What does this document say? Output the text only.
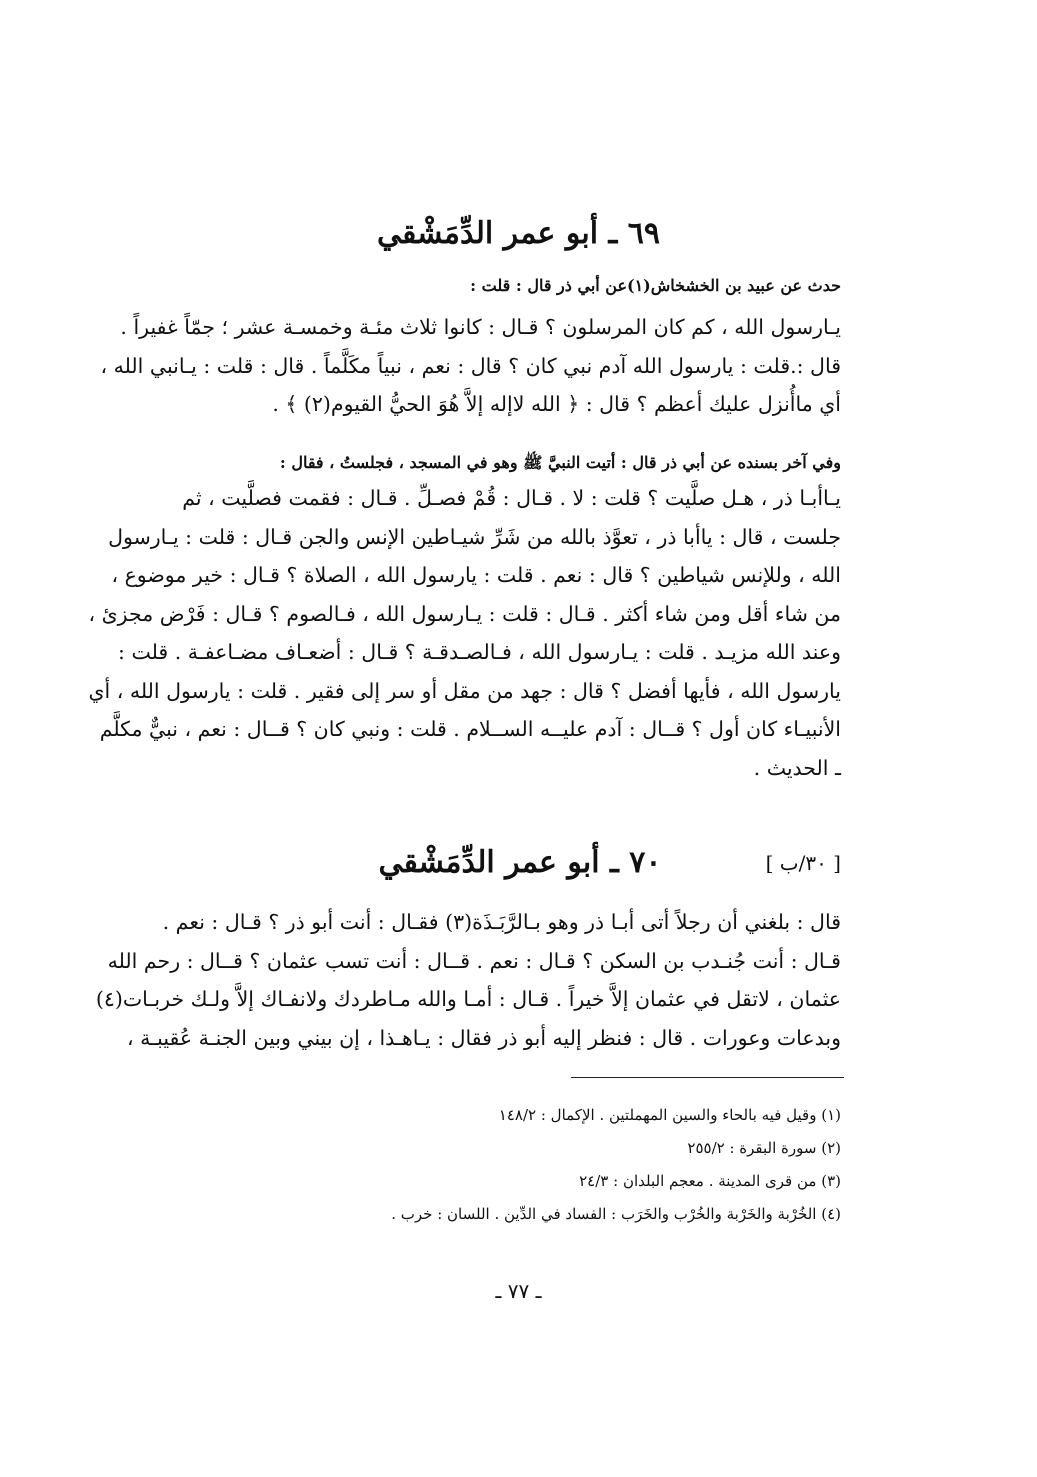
٦٩ ـ أبو عمر الدِّمَشْقي
حدث عن عبيد بن الخشخاش(١)عن أبي ذر قال : قلت :
يـارسول الله ، كم كان المرسلون ؟ قـال : كانوا ثلاث مئـة وخمسـة عشر ؛ جمّاً غفيراً .
قال :.قلت : يارسول الله آدم نبي كان ؟ قال : نعم ، نبياً مكَلَّماً . قال : قلت : يـانبي الله ،
أي ماأُنزل عليك أعظم ؟ قال : ﴿ الله لاإله إلاَّ هُوَ الحيُّ القيوم(٢) ﴾ .
وفي آخر بسنده عن أبي ذر قال : أتيت النبيَّ ﷺ وهو في المسجد ، فجلستُ ، فقال :
يـاأبـا ذر ، هـل صلَّيت ؟ قلت : لا . قـال : قُمْ فصـلِّ . قـال : فقمت فصلَّيت ، ثم
جلست ، قال : ياأبا ذر ، تعوَّذ بالله من شَرِّ شيـاطين الإنس والجن قـال : قلت : يـارسول
الله ، وللإنس شياطين ؟ قال : نعم . قلت : يارسول الله ، الصلاة ؟ قـال : خير موضوع ،
من شاء أقل ومن شاء أكثر . قـال : قلت : يـارسول الله ، فـالصوم ؟ قـال : فَرْض مجزئ ،
وعند الله مزيـد . قلت : يـارسول الله ، فـالصـدقـة ؟ قـال : أضعـاف مضـاعفـة . قلت :
يارسول الله ، فأيها أفضل ؟ قال : جهد من مقل أو سر إلى فقير . قلت : يارسول الله ، أي
الأنبيـاء كان أول ؟ قــال : آدم عليــه الســلام . قلت : ونبي كان ؟ قــال : نعم ، نبيٌّ مكلَّم
ـ الحديث .
٧٠ ـ أبو عمر الدِّمَشْقي	[ ٣٠/ب ]
قال : بلغني أن رجلاً أتى أبـا ذر وهو بـالرَّبَـذَة(٣) فقـال : أنت أبو ذر ؟ قـال : نعم .
قـال : أنت جُنـدب بن السكن ؟ قـال : نعم . قــال : أنت تسب عثمان ؟ قــال : رحم الله
عثمان ، لاتقل في عثمان إلاَّ خيراً . قـال : أمـا والله مـاطردك ولانفـاك إلاَّ ولـك خربـات(٤)
وبدعات وعورات . قال : فنظر إليه أبو ذر فقال : يـاهـذا ، إن بيني وبين الجنـة عُقيبـة ،
(١) وقيل فيه بالحاء والسين المهملتين . الإكمال : ١٤٨/٢
(٢) سورة البقرة : ٢٥٥/٢
(٣) من قرى المدينة . معجم البلدان : ٢٤/٣
(٤) الخُرْبة والخَرْبة والخُرْب والخَرَب : الفساد في الدِّين . اللسان : خرب .
ـ ٧٧ ـ
